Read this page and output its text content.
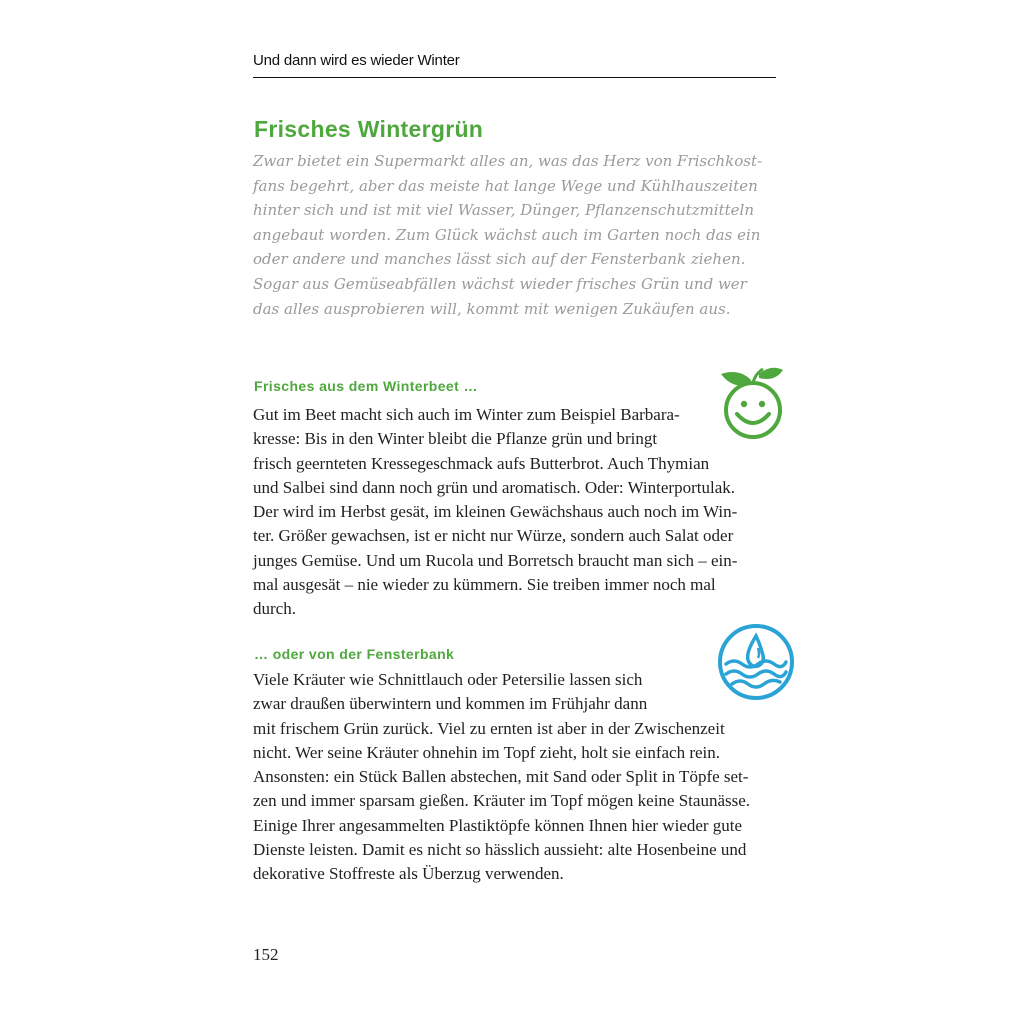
Und dann wird es wieder Winter
Frisches Wintergrün

Zwar bietet ein Supermarkt alles an, was das Herz von Frischkost-
fans begehrt, aber das meiste hat lange Wege und Kühlhauszeiten
hinter sich und ist mit viel Wasser, Dünger, Pflanzenschutzmitteln
angebaut worden. Zum Glück wächst auch im Garten noch das ein
oder andere und manches lässt sich auf der Fensterbank ziehen.
Sogar aus Gemüseabfällen wächst wieder frisches Grün und wer
das alles ausprobieren will, kommt mit wenigen Zukäufen aus.

Frisches aus dem Winterbeet …
Gut im Beet macht sich auch im Winter zum Beispiel Barbara-
kresse: Bis in den Winter bleibt die Pflanze grün und bringt
frisch geernteten Kressegeschmack aufs Butterbrot. Auch Thymian
und Salbei sind dann noch grün und aromatisch. Oder: Winterportulak.
Der wird im Herbst gesät, im kleinen Gewächshaus auch noch im Win-
ter. Größer gewachsen, ist er nicht nur Würze, sondern auch Salat oder
junges Gemüse. Und um Rucola und Borretsch braucht man sich – ein-
mal ausgesät – nie wieder zu kümmern. Sie treiben immer noch mal
durch.
… oder von der Fensterbank
Viele Kräuter wie Schnittlauch oder Petersilie lassen sich
zwar draußen überwintern und kommen im Frühjahr dann
mit frischem Grün zurück. Viel zu ernten ist aber in der Zwischenzeit
nicht. Wer seine Kräuter ohnehin im Topf zieht, holt sie einfach rein.
Ansonsten: ein Stück Ballen abstechen, mit Sand oder Split in Töpfe set-
zen und immer sparsam gießen. Kräuter im Topf mögen keine Staunässe.
Einige Ihrer angesammelten Plastiktöpfe können Ihnen hier wieder gute
Dienste leisten. Damit es nicht so hässlich aussieht: alte Hosenbeine und
dekorative Stoffreste als Überzug verwenden.
152
